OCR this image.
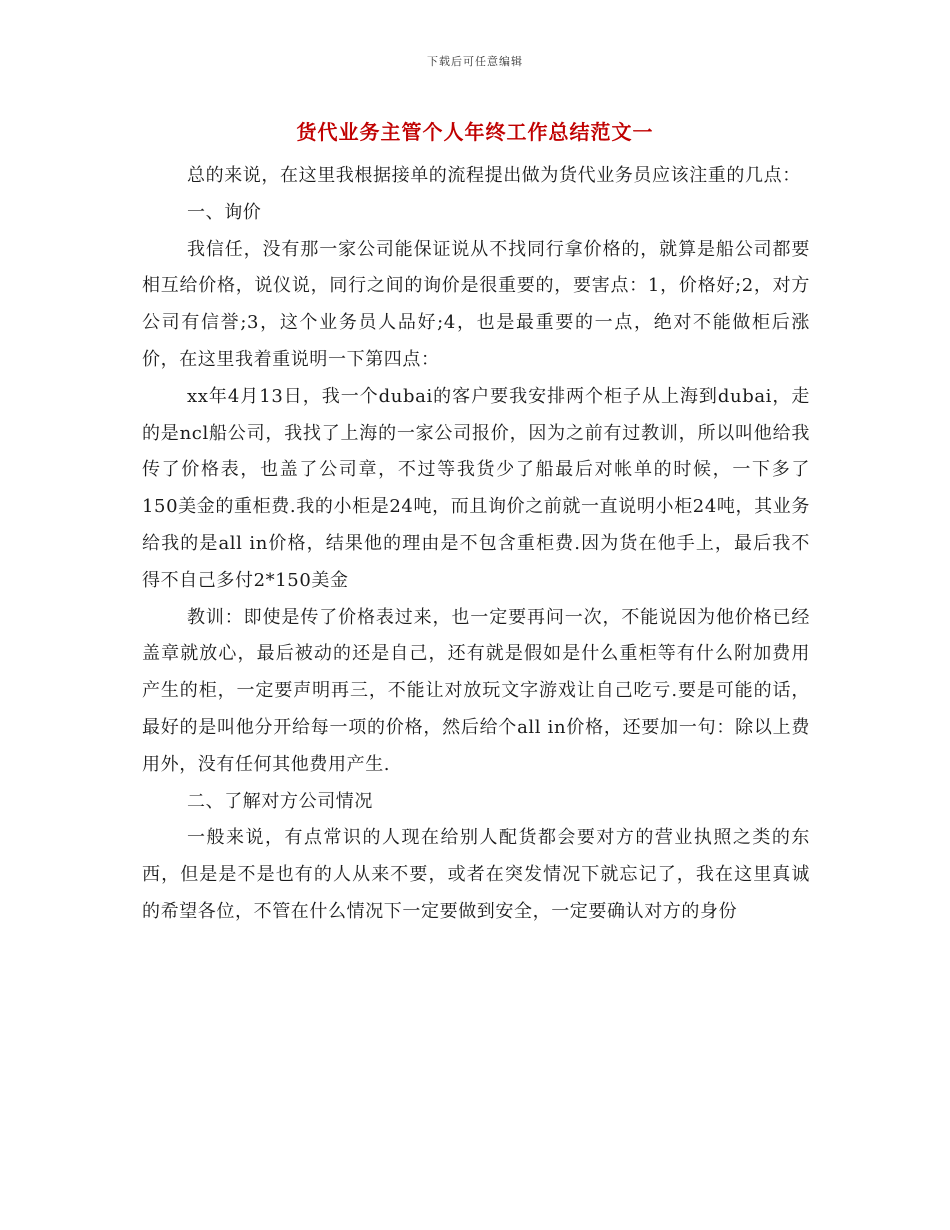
下载后可任意编辑
货代业务主管个人年终工作总结范文一

总的来说，在这里我根据接单的流程提出做为货代业务员应该注重的几点：

一、询价

我信任，没有那一家公司能保证说从不找同行拿价格的，就算是船公司都要相互给价格，说仪说，同行之间的询价是很重要的，要害点：1，价格好;2，对方公司有信誉;3，这个业务员人品好;4，也是最重要的一点，绝对不能做柜后涨价，在这里我着重说明一下第四点：

xx年4月13日，我一个dubai的客户要我安排两个柜子从上海到dubai，走的是ncl船公司，我找了上海的一家公司报价，因为之前有过教训，所以叫他给我传了价格表，也盖了公司章，不过等我货少了船最后对帐单的时候，一下多了150美金的重柜费.我的小柜是24吨，而且询价之前就一直说明小柜24吨，其业务给我的是all in价格，结果他的理由是不包含重柜费.因为货在他手上，最后我不得不自己多付2*150美金

教训：即使是传了价格表过来，也一定要再问一次，不能说因为他价格已经盖章就放心，最后被动的还是自己，还有就是假如是什么重柜等有什么附加费用产生的柜，一定要声明再三，不能让对放玩文字游戏让自己吃亏.要是可能的话，最好的是叫他分开给每一项的价格，然后给个all in价格，还要加一句：除以上费用外，没有任何其他费用产生.

二、了解对方公司情况

一般来说，有点常识的人现在给别人配货都会要对方的营业执照之类的东西，但是是不是也有的人从来不要，或者在突发情况下就忘记了，我在这里真诚的希望各位，不管在什么情况下一定要做到安全，一定要确认对方的身份
